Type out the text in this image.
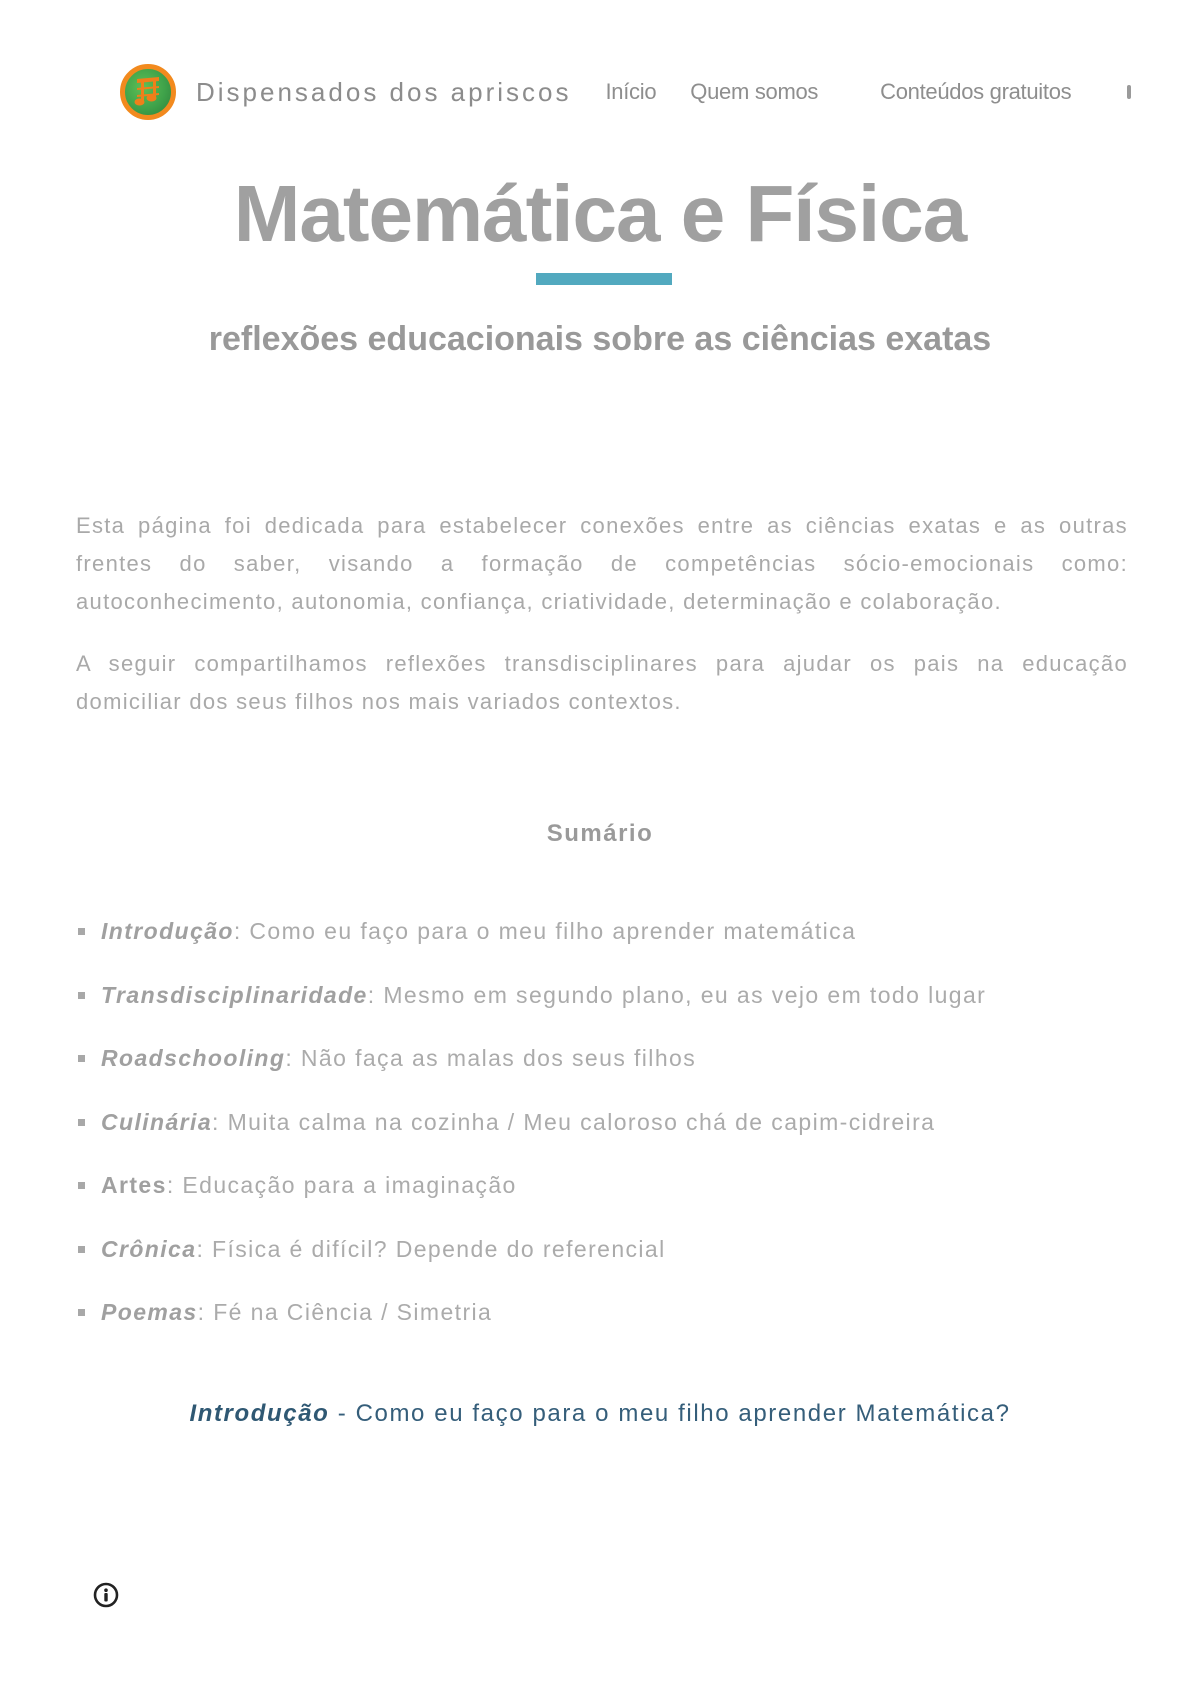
Dispensados dos apriscos Início Quem somos	Conteúdos gratuitos
Matemática e Física
reflexões educacionais sobre as ciências exatas

Esta página foi dedicada para estabelecer conexões entre as ciências exatas e as outras frentes do saber, visando a formação de competências sócio-emocionais como: autoconhecimento, autonomia, confiança, criatividade, determinação e colaboração.

A seguir compartilhamos reflexões transdisciplinares para ajudar os pais na educação domiciliar dos seus filhos nos mais variados contextos.

Sumário
Introdução : Como eu faço para o meu filho aprender matemática
Transdisciplinaridade : Mesmo em segundo plano, eu as vejo em todo lugar
Roadschooling : Não faça as malas dos seus filhos
Culinária : Muita calma na cozinha / Meu caloroso chá de capim-cidreira
Artes : Educação para a imaginação
Crônica : Física é difícil? Depende do referencial
Poemas : Fé na Ciência / Simetria
Introdução - Como eu faço para o meu filho aprender Matemática?
